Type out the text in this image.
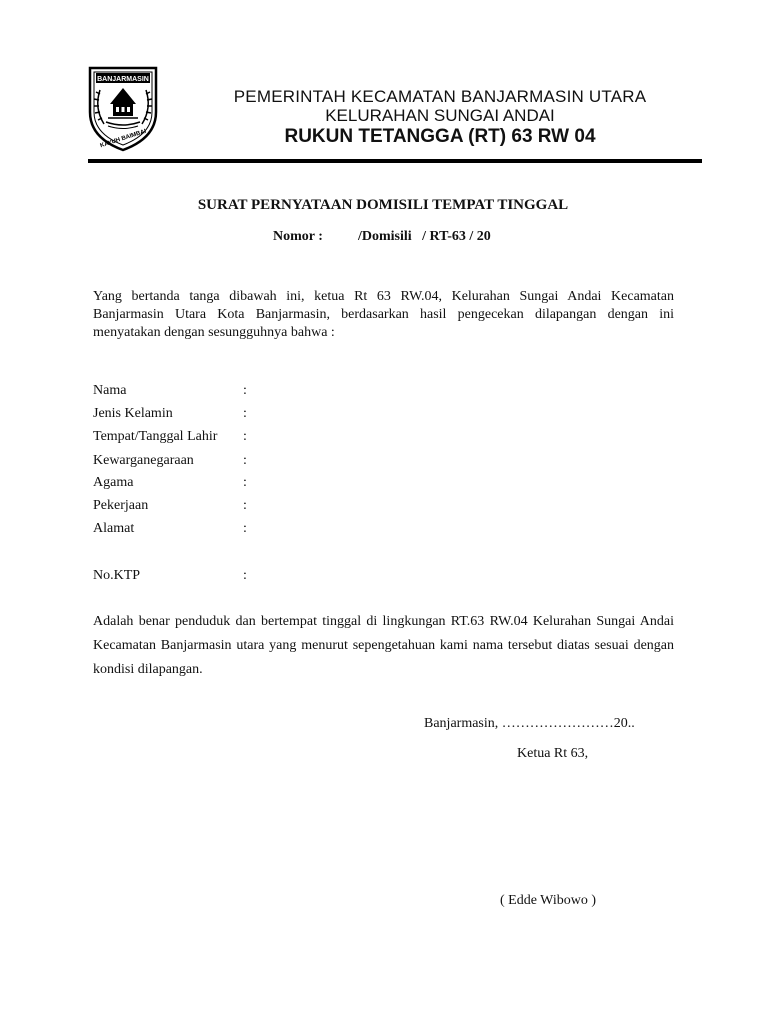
BANJARMASIN
KAYUH BAIMBAI
PEMERINTAH KECAMATAN BANJARMASIN UTARA
KELURAHAN SUNGAI ANDAI
RUKUN TETANGGA (RT) 63 RW 04
SURAT PERNYATAAN DOMISILI TEMPAT TINGGAL
Nomor :	/Domisili   / RT-63 / 20
Yang bertanda tanga dibawah ini, ketua Rt 63 RW.04, Kelurahan Sungai Andai Kecamatan Banjarmasin Utara Kota Banjarmasin, berdasarkan hasil pengecekan dilapangan dengan ini menyatakan dengan sesungguhnya bahwa :
Nama	:
Jenis Kelamin	:
Tempat/Tanggal Lahir :
Kewarganegaraan	:
Agama	:
Pekerjaan	:
Alamat	:
No.KTP	:
Adalah benar penduduk dan bertempat tinggal di lingkungan RT.63 RW.04 Kelurahan Sungai Andai Kecamatan Banjarmasin utara yang menurut sepengetahuan kami nama tersebut diatas sesuai dengan kondisi dilapangan.
Banjarmasin, ……………………20..
Ketua Rt 63,
( Edde Wibowo )
